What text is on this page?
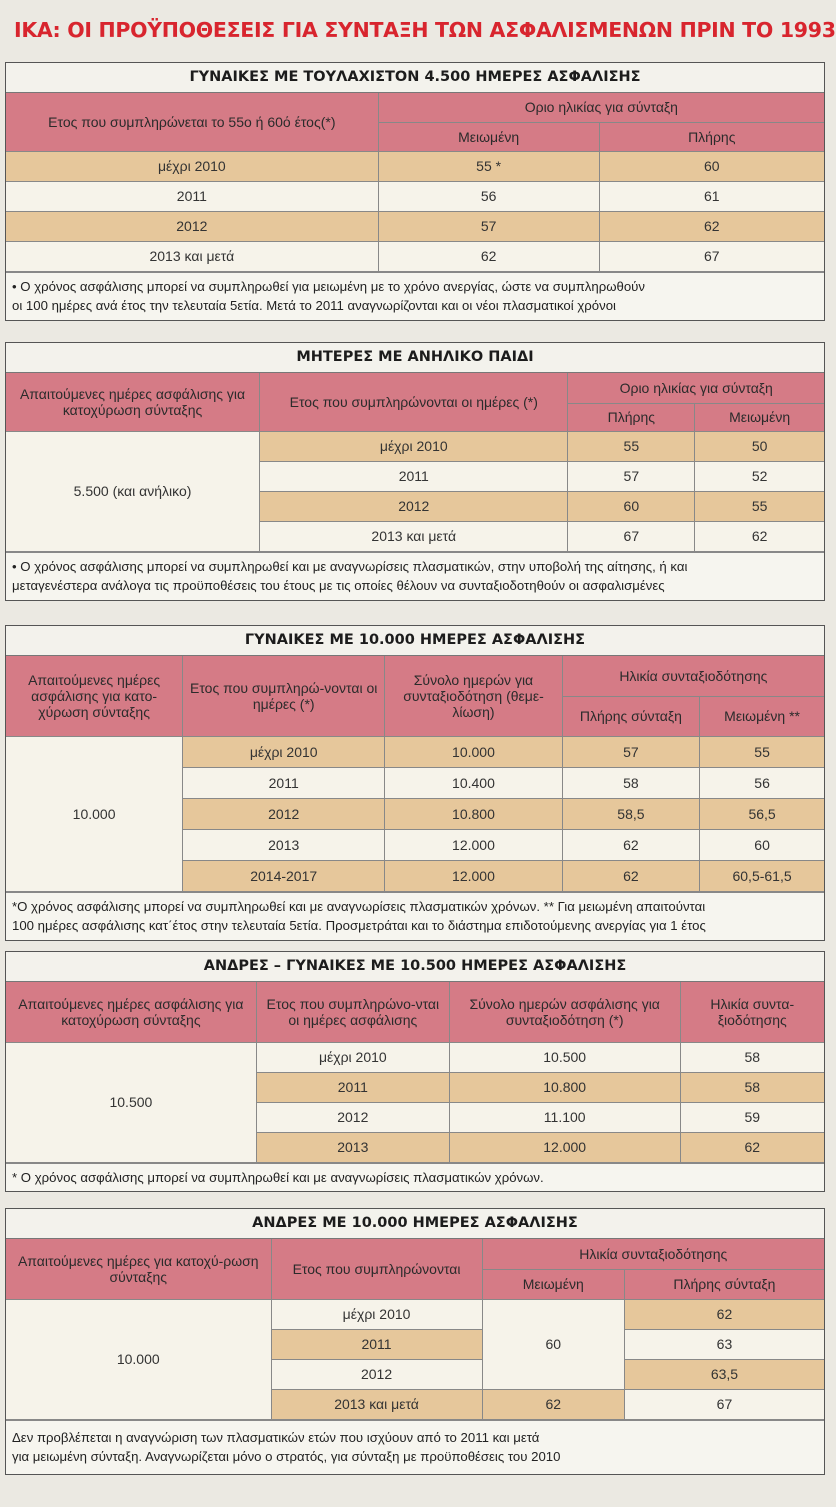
ΙΚΑ: ΟΙ ΠΡΟΫΠΟΘΕΣΕΙΣ ΓΙΑ ΣΥΝΤΑΞΗ ΤΩΝ ΑΣΦΑΛΙΣΜΕΝΩΝ ΠΡΙΝ ΤΟ 1993
ΓΥΝΑΙΚΕΣ ΜΕ ΤΟΥΛΑΧΙΣΤΟΝ 4.500 ΗΜΕΡΕΣ ΑΣΦΑΛΙΣΗΣ
Ετος που συμπληρώνεται το 55ο ή 60ό έτος(*)	Οριο ηλικίας για σύνταξη	
	Μειωμένη	Πλήρης
μέχρι 2010	55 *	60
2011	56	61
2012	57	62
2013 και μετά	62	67
• Ο χρόνος ασφάλισης μπορεί να συμπληρωθεί για μειωμένη με το χρόνο ανεργίας, ώστε να συμπληρωθούν
οι 100 ημέρες ανά έτος την τελευταία 5ετία. Μετά το 2011 αναγνωρίζονται και οι νέοι πλασματικοί χρόνοι
ΜΗΤΕΡΕΣ ΜΕ ΑΝΗΛΙΚΟ ΠΑΙΔΙ
Απαιτούμενες ημέρες ασφάλισης για κατοχύρωση σύνταξης	Ετος που συμπληρώνονται οι ημέρες (*)	Οριο ηλικίας για σύνταξη	
		Πλήρης	Μειωμένη
5.500 (και ανήλικο)	μέχρι 2010	55	50
	2011	57	52
	2012	60	55
	2013 και μετά	67	62
• Ο χρόνος ασφάλισης μπορεί να συμπληρωθεί και με αναγνωρίσεις πλασματικών, στην υποβολή της αίτησης, ή και
μεταγενέστερα ανάλογα τις προϋποθέσεις του έτους με τις οποίες θέλουν να συνταξιοδοτηθούν οι ασφαλισμένες
ΓΥΝΑΙΚΕΣ ΜΕ 10.000 ΗΜΕΡΕΣ ΑΣΦΑΛΙΣΗΣ
Απαιτούμενες ημέρες ασφάλισης για κατο-χύρωση σύνταξης	Ετος που συμπληρώ-νονται οι ημέρες (*)	Σύνολο ημερών για συνταξιοδότηση (θεμε-λίωση)	Ηλικία συνταξιοδότησης	
			Πλήρης σύνταξη	Μειωμένη **
10.000	μέχρι 2010	10.000	57	55
	2011	10.400	58	56
	2012	10.800	58,5	56,5
	2013	12.000	62	60
	2014-2017	12.000	62	60,5-61,5
*Ο χρόνος ασφάλισης μπορεί να συμπληρωθεί και με αναγνωρίσεις πλασματικών χρόνων. ** Για μειωμένη απαιτούνται
100 ημέρες ασφάλισης κατ΄έτος στην τελευταία 5ετία. Προσμετράται και το διάστημα επιδοτούμενης ανεργίας για 1 έτος
ΑΝΔΡΕΣ – ΓΥΝΑΙΚΕΣ ΜΕ 10.500 ΗΜΕΡΕΣ ΑΣΦΑΛΙΣΗΣ
Απαιτούμενες ημέρες ασφάλισης για κατοχύρωση σύνταξης	Ετος που συμπληρώνο-νται οι ημέρες ασφάλισης	Σύνολο ημερών ασφάλισης για συνταξιοδότηση (*)	Ηλικία συντα-ξιοδότησης
10.500	μέχρι 2010	10.500	58
	2011	10.800	58
	2012	11.100	59
	2013	12.000	62
* Ο χρόνος ασφάλισης μπορεί να συμπληρωθεί και με αναγνωρίσεις πλασματικών χρόνων.
ΑΝΔΡΕΣ ΜΕ 10.000 ΗΜΕΡΕΣ ΑΣΦΑΛΙΣΗΣ
Απαιτούμενες ημέρες για κατοχύ-ρωση σύνταξης	Ετος που συμπληρώνονται	Ηλικία συνταξιοδότησης	
		Μειωμένη	Πλήρης σύνταξη
10.000	μέχρι 2010	60	62
	2011		63
	2012		63,5
	2013 και μετά	62	67
Δεν προβλέπεται η αναγνώριση των πλασματικών ετών που ισχύουν από το 2011 και μετά
για μειωμένη σύνταξη. Αναγνωρίζεται μόνο ο στρατός, για σύνταξη με προϋποθέσεις του 2010
